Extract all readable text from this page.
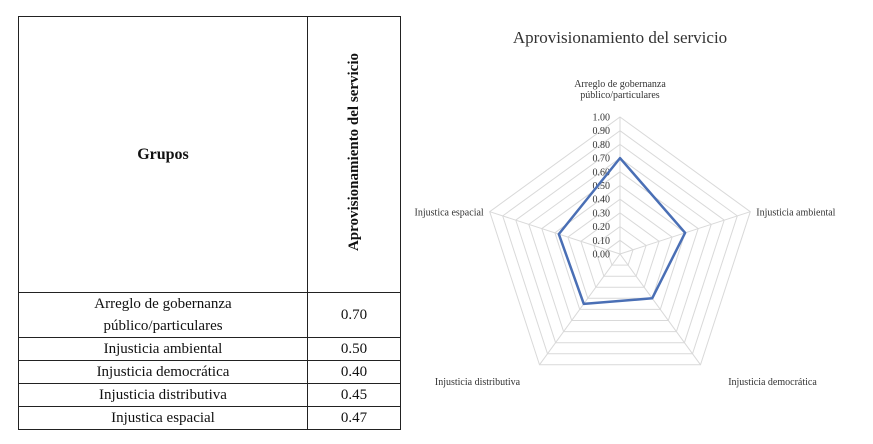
Grupos	Aprovisionamiento del servicio
Arreglo de gobernanza
público/particulares	0.70
Injusticia ambiental	0.50
Injusticia democrática	0.40
Injusticia distributiva	0.45
Injustica espacial	0.47
Aprovisionamiento del servicio
0.00
0.10
0.20
0.30
0.40
0.50
0.60
0.70
0.80
0.90
1.00
Arreglo de gobernanza
público/particulares
Injusticia ambiental
Injusticia democrática
Injusticia distributiva
Injustica espacial
